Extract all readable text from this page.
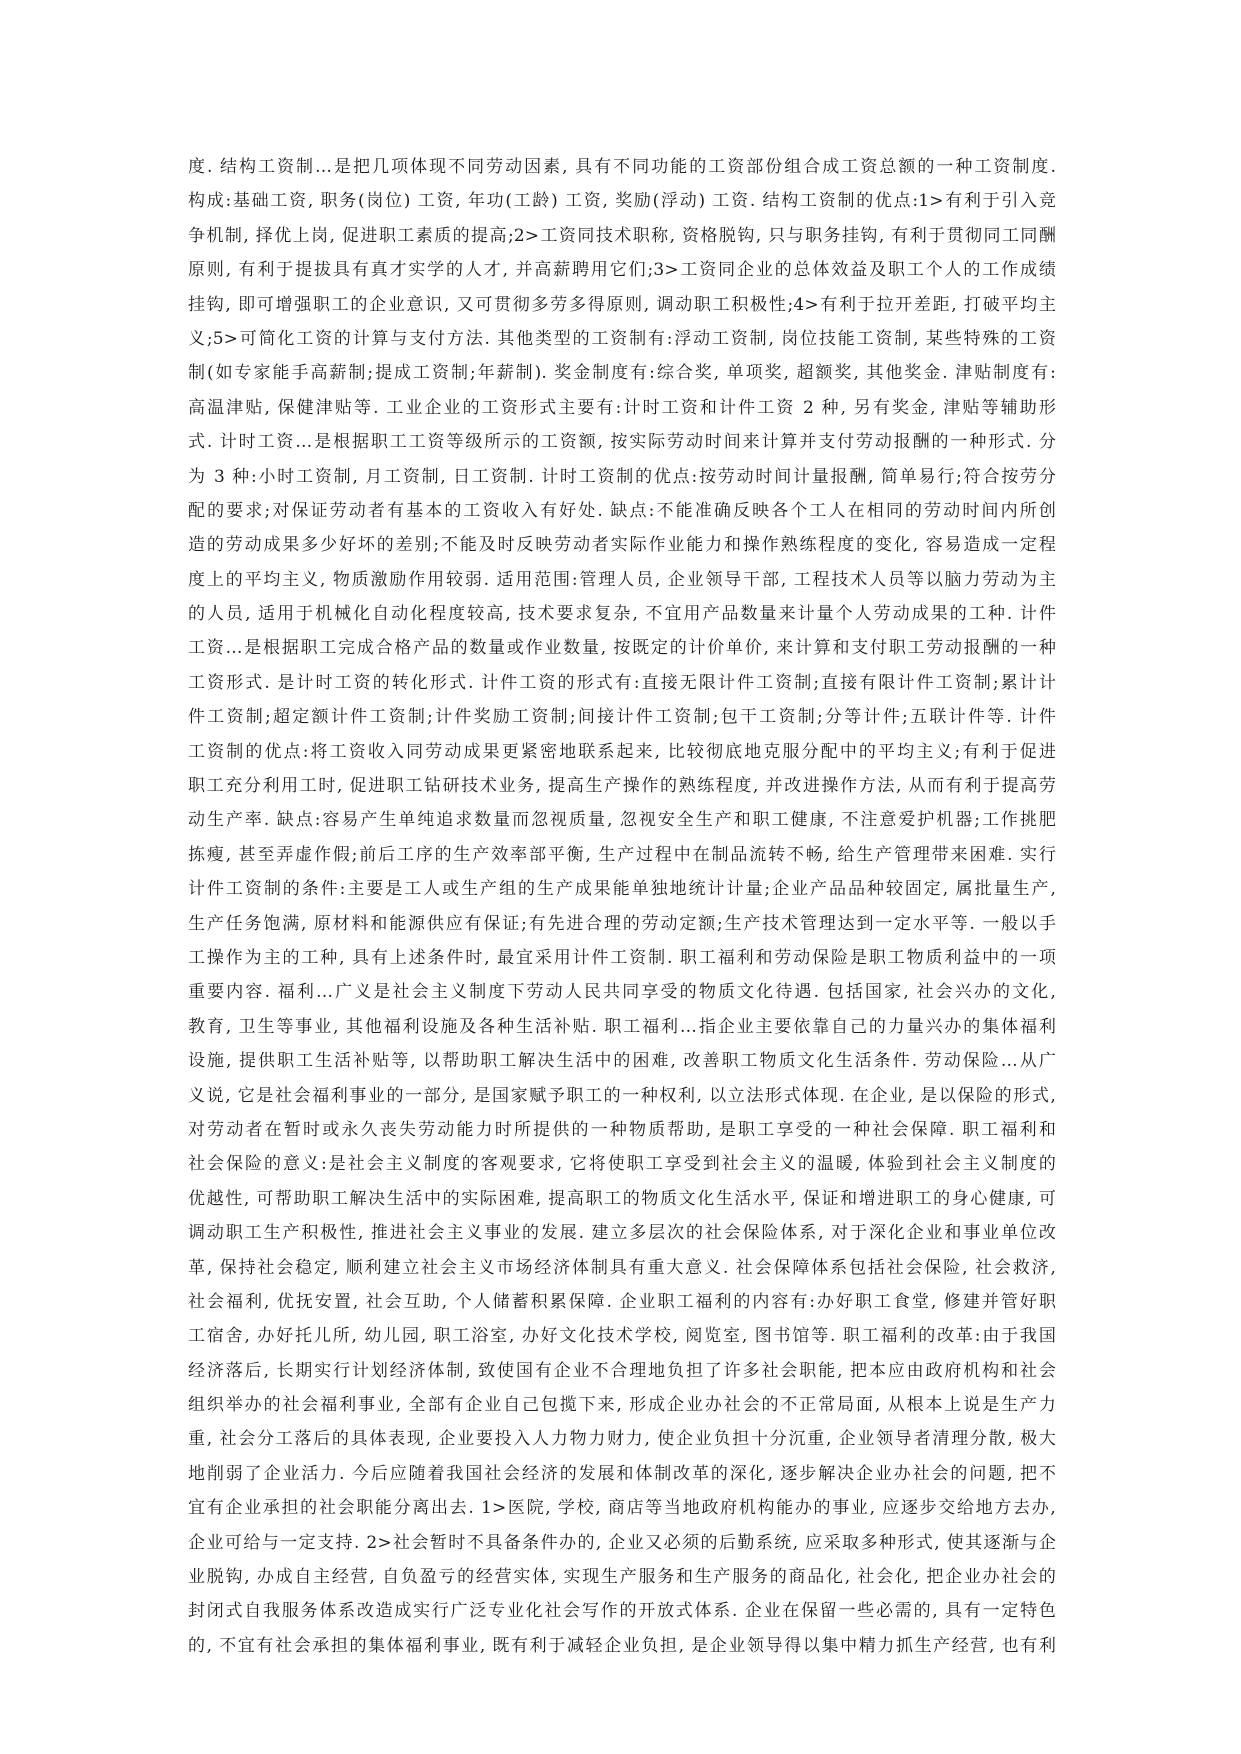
度. 结构工资制…是把几项体现不同劳动因素, 具有不同功能的工资部份组合成工资总额的一种工资制度.
构成:基础工资, 职务(岗位) 工资, 年功(工龄) 工资, 奖励(浮动) 工资. 结构工资制的优点:1>有利于引入竞
争机制, 择优上岗, 促进职工素质的提高;2>工资同技术职称, 资格脱钩, 只与职务挂钩, 有利于贯彻同工同酬
原则, 有利于提拔具有真才实学的人才, 并高薪聘用它们;3>工资同企业的总体效益及职工个人的工作成绩
挂钩, 即可增强职工的企业意识, 又可贯彻多劳多得原则, 调动职工积极性;4>有利于拉开差距, 打破平均主
义;5>可简化工资的计算与支付方法. 其他类型的工资制有:浮动工资制, 岗位技能工资制, 某些特殊的工资
制(如专家能手高薪制;提成工资制;年薪制). 奖金制度有:综合奖, 单项奖, 超额奖, 其他奖金. 津贴制度有:
高温津贴, 保健津贴等. 工业企业的工资形式主要有:计时工资和计件工资 2 种, 另有奖金, 津贴等辅助形
式. 计时工资…是根据职工工资等级所示的工资额, 按实际劳动时间来计算并支付劳动报酬的一种形式. 分
为 3 种:小时工资制, 月工资制, 日工资制. 计时工资制的优点:按劳动时间计量报酬, 简单易行;符合按劳分
配的要求;对保证劳动者有基本的工资收入有好处. 缺点:不能准确反映各个工人在相同的劳动时间内所创
造的劳动成果多少好坏的差别;不能及时反映劳动者实际作业能力和操作熟练程度的变化, 容易造成一定程
度上的平均主义, 物质激励作用较弱. 适用范围:管理人员, 企业领导干部, 工程技术人员等以脑力劳动为主
的人员, 适用于机械化自动化程度较高, 技术要求复杂, 不宜用产品数量来计量个人劳动成果的工种. 计件
工资…是根据职工完成合格产品的数量或作业数量, 按既定的计价单价, 来计算和支付职工劳动报酬的一种
工资形式. 是计时工资的转化形式. 计件工资的形式有:直接无限计件工资制;直接有限计件工资制;累计计
件工资制;超定额计件工资制;计件奖励工资制;间接计件工资制;包干工资制;分等计件;五联计件等. 计件
工资制的优点:将工资收入同劳动成果更紧密地联系起来, 比较彻底地克服分配中的平均主义;有利于促进
职工充分利用工时, 促进职工钻研技术业务, 提高生产操作的熟练程度, 并改进操作方法, 从而有利于提高劳
动生产率. 缺点:容易产生单纯追求数量而忽视质量, 忽视安全生产和职工健康, 不注意爱护机器;工作挑肥
拣瘦, 甚至弄虚作假;前后工序的生产效率部平衡, 生产过程中在制品流转不畅, 给生产管理带来困难. 实行
计件工资制的条件:主要是工人或生产组的生产成果能单独地统计计量;企业产品品种较固定, 属批量生产,
生产任务饱满, 原材料和能源供应有保证;有先进合理的劳动定额;生产技术管理达到一定水平等. 一般以手
工操作为主的工种, 具有上述条件时, 最宜采用计件工资制. 职工福利和劳动保险是职工物质利益中的一项
重要内容. 福利…广义是社会主义制度下劳动人民共同享受的物质文化待遇. 包括国家, 社会兴办的文化,
教育, 卫生等事业, 其他福利设施及各种生活补贴. 职工福利…指企业主要依靠自己的力量兴办的集体福利
设施, 提供职工生活补贴等, 以帮助职工解决生活中的困难, 改善职工物质文化生活条件. 劳动保险…从广
义说, 它是社会福利事业的一部分, 是国家赋予职工的一种权利, 以立法形式体现. 在企业, 是以保险的形式,
对劳动者在暂时或永久丧失劳动能力时所提供的一种物质帮助, 是职工享受的一种社会保障. 职工福利和
社会保险的意义:是社会主义制度的客观要求, 它将使职工享受到社会主义的温暖, 体验到社会主义制度的
优越性, 可帮助职工解决生活中的实际困难, 提高职工的物质文化生活水平, 保证和增进职工的身心健康, 可
调动职工生产积极性, 推进社会主义事业的发展. 建立多层次的社会保险体系, 对于深化企业和事业单位改
革, 保持社会稳定, 顺利建立社会主义市场经济体制具有重大意义. 社会保障体系包括社会保险, 社会救济,
社会福利, 优抚安置, 社会互助, 个人储蓄积累保障. 企业职工福利的内容有:办好职工食堂, 修建并管好职
工宿舍, 办好托儿所, 幼儿园, 职工浴室, 办好文化技术学校, 阅览室, 图书馆等. 职工福利的改革:由于我国
经济落后, 长期实行计划经济体制, 致使国有企业不合理地负担了许多社会职能, 把本应由政府机构和社会
组织举办的社会福利事业, 全部有企业自己包揽下来, 形成企业办社会的不正常局面, 从根本上说是生产力
重, 社会分工落后的具体表现, 企业要投入人力物力财力, 使企业负担十分沉重, 企业领导者清理分散, 极大
地削弱了企业活力. 今后应随着我国社会经济的发展和体制改革的深化, 逐步解决企业办社会的问题, 把不
宜有企业承担的社会职能分离出去. 1>医院, 学校, 商店等当地政府机构能办的事业, 应逐步交给地方去办,
企业可给与一定支持. 2>社会暂时不具备条件办的, 企业又必须的后勤系统, 应采取多种形式, 使其逐渐与企
业脱钩, 办成自主经营, 自负盈亏的经营实体, 实现生产服务和生产服务的商品化, 社会化, 把企业办社会的
封闭式自我服务体系改造成实行广泛专业化社会写作的开放式体系. 企业在保留一些必需的, 具有一定特色
的, 不宜有社会承担的集体福利事业, 既有利于减轻企业负担, 是企业领导得以集中精力抓生产经营, 也有利
